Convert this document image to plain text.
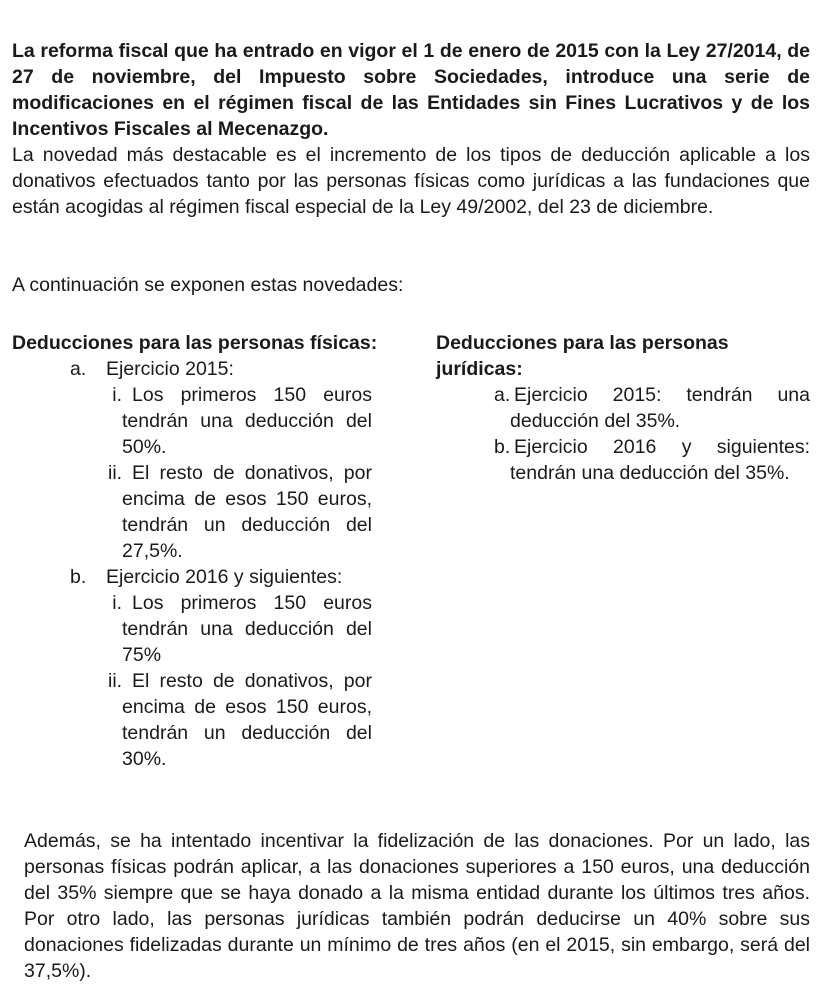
La reforma fiscal que ha entrado en vigor el 1 de enero de 2015 con la Ley 27/2014, de 27 de noviembre, del Impuesto sobre Sociedades, introduce una serie de modificaciones en el régimen fiscal de las Entidades sin Fines Lucrativos y de los Incentivos Fiscales al Mecenazgo.
La novedad más destacable es el incremento de los tipos de deducción aplicable a los donativos efectuados tanto por las personas físicas como jurídicas a las fundaciones que están acogidas al régimen fiscal especial de la Ley 49/2002, del 23 de diciembre.

A continuación se exponen estas novedades:

Deducciones para las personas físicas:
a.	Ejercicio 2015:
i. Los primeros 150 euros tendrán una deducción del 50%.
ii. El resto de donativos, por encima de esos 150 euros, tendrán un deducción del 27,5%.
b.	Ejercicio 2016 y siguientes:
i. Los primeros 150 euros tendrán una deducción del 75%
ii. El resto de donativos, por encima de esos 150 euros, tendrán un deducción del 30%.
Deducciones para las personas jurídicas:
a. Ejercicio 2015: tendrán una deducción del 35%.
b. Ejercicio 2016 y siguientes: tendrán una deducción del 35%.

Además, se ha intentado incentivar la fidelización de las donaciones. Por un lado, las personas físicas podrán aplicar, a las donaciones superiores a 150 euros, una deducción del 35% siempre que se haya donado a la misma entidad durante los últimos tres años. Por otro lado, las personas jurídicas también podrán deducirse un 40% sobre sus donaciones fidelizadas durante un mínimo de tres años (en el 2015, sin embargo, será del 37,5%).
